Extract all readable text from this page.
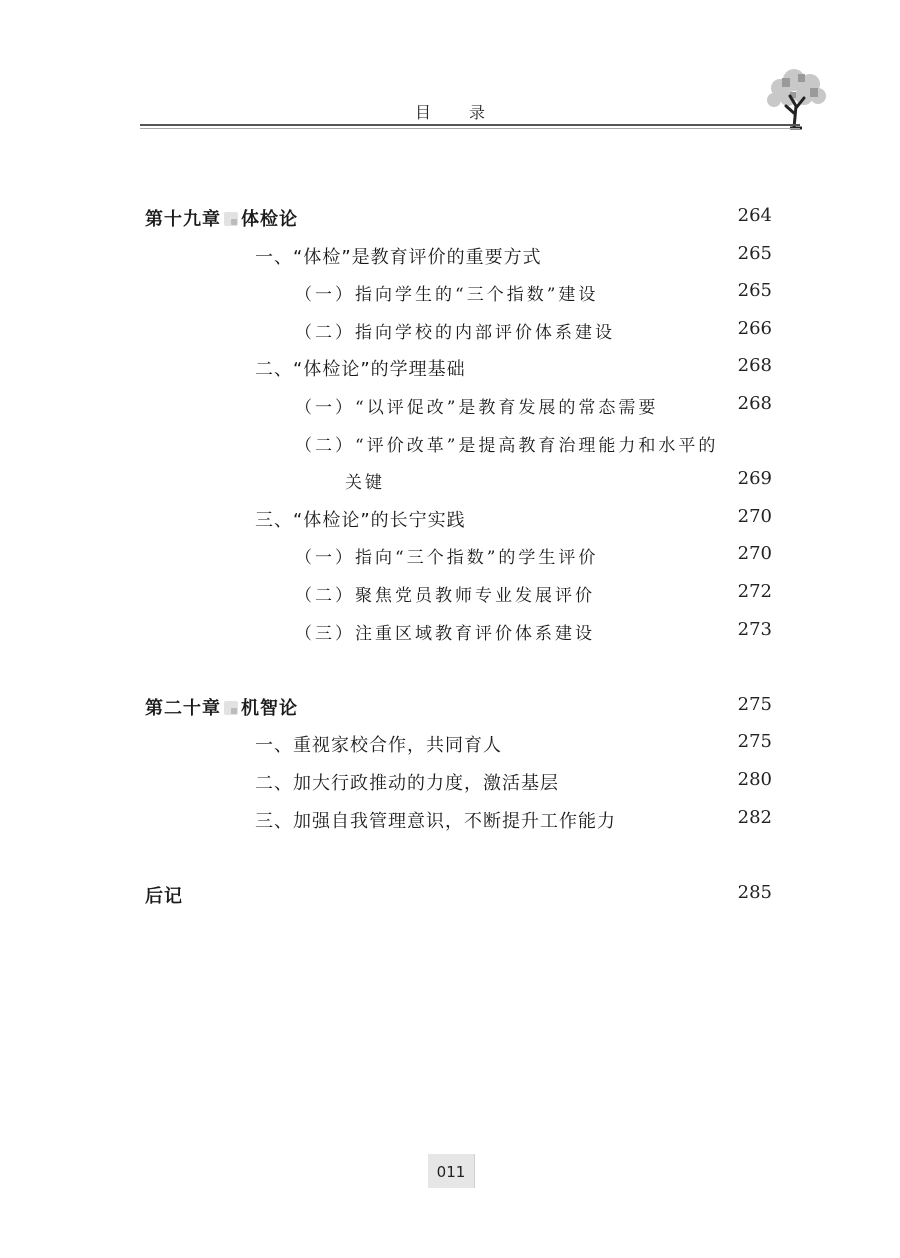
目录
第十九章 体检论	264
一、“体检”是教育评价的重要方式	265
（一）指向学生的“三个指数”建设	265
（二）指向学校的内部评价体系建设	266
二、“体检论”的学理基础	268
（一）“以评促改”是教育发展的常态需要	268
（二）“评价改革”是提高教育治理能力和水平的
关键	269
三、“体检论”的长宁实践	270
（一）指向“三个指数”的学生评价	270
（二）聚焦党员教师专业发展评价	272
（三）注重区域教育评价体系建设	273
第二十章 机智论	275
一、重视家校合作，共同育人	275
二、加大行政推动的力度，激活基层	280
三、加强自我管理意识，不断提升工作能力	282
后记	285
011
